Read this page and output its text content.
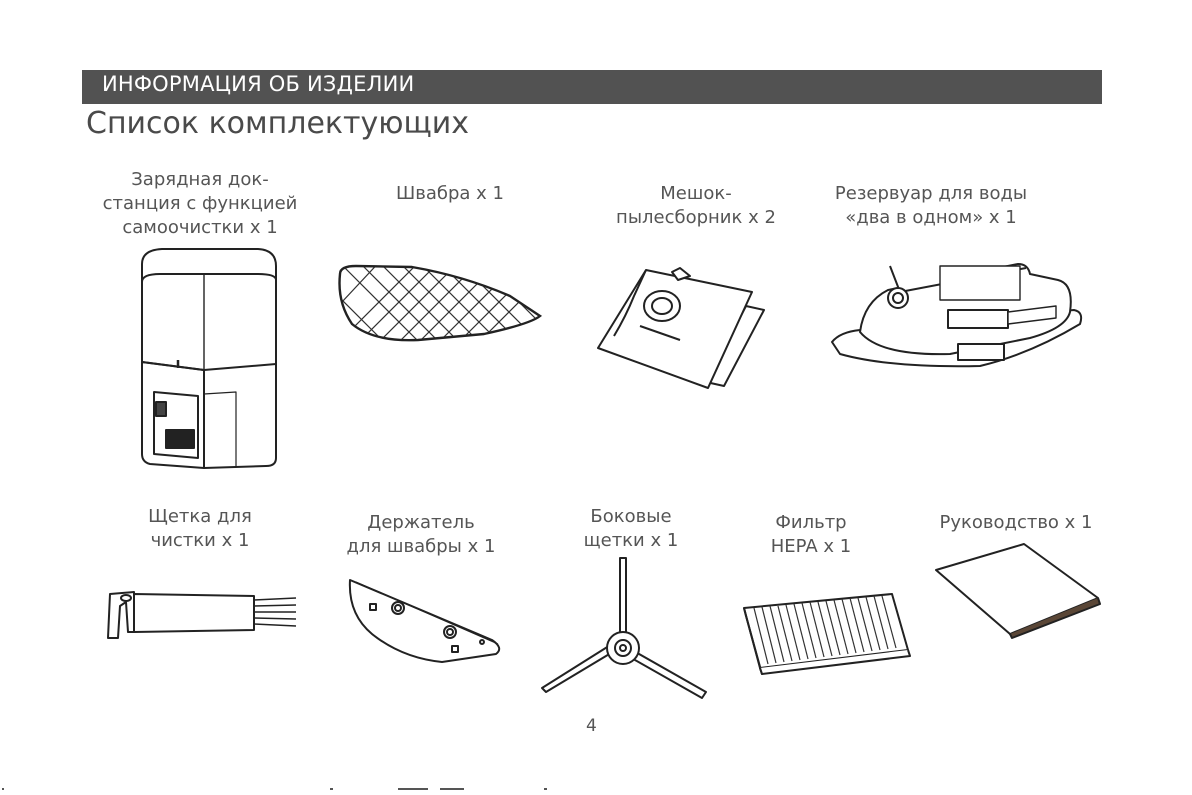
ИНФОРМАЦИЯ ОБ ИЗДЕЛИИ
Список комплектующих
Зарядная док-
станция с функцией
самоочистки x 1
Швабра x 1	Мешок-
пылесборник x 2
Резервуар для воды
«два в одном» x 1
Щетка для
чистки x 1
Держатель
для швабры x 1
Боковые
щетки x 1
Фильтр
HEPA x 1
Руководство x 1
4
